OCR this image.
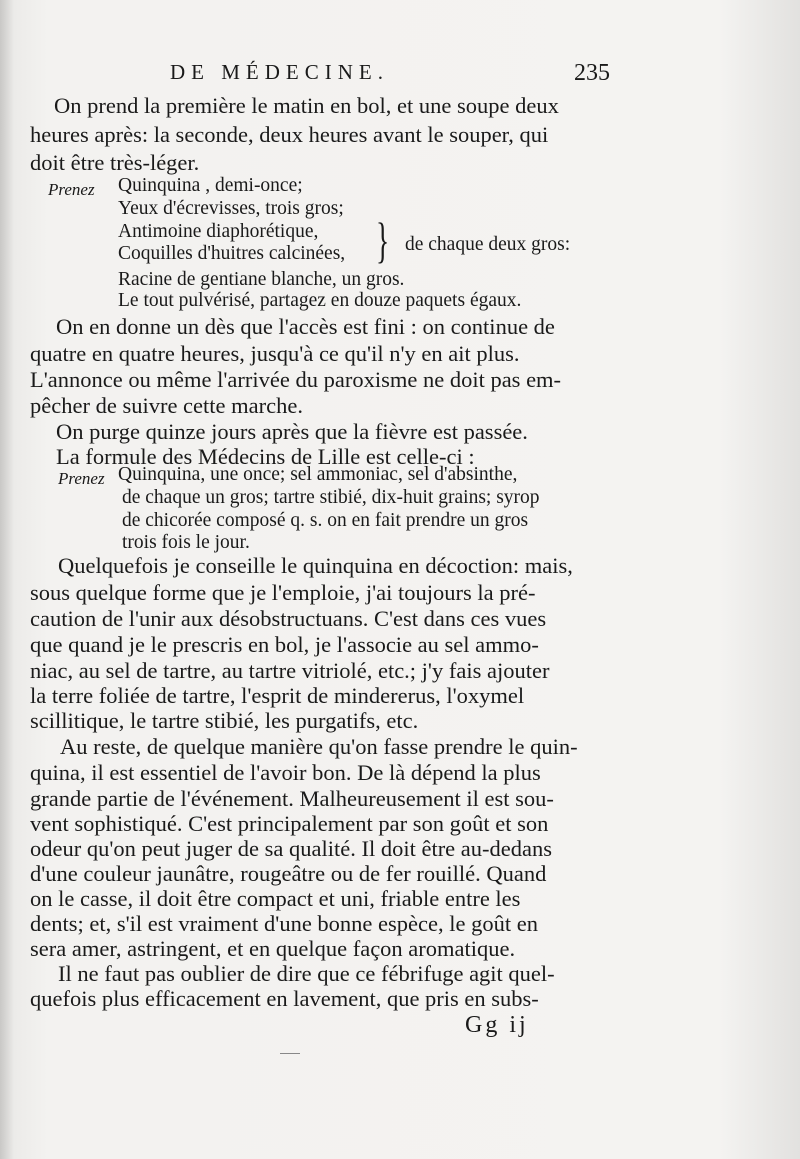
DE MÉDECINE.	235
On prend la première le matin en bol, et une soupe deux
heures après: la seconde, deux heures avant le souper, qui
doit être très-léger.
Prenez Quinquina , demi-once;
Yeux d'écrevisses, trois gros;
Antimoine diaphorétique,
Coquilles d'huitres calcinées, } de chaque deux gros:
Racine de gentiane blanche, un gros.
Le tout pulvérisé, partagez en douze paquets égaux.
On en donne un dès que l'accès est fini : on continue de
quatre en quatre heures, jusqu'à ce qu'il n'y en ait plus.
L'annonce ou même l'arrivée du paroxisme ne doit pas em-
pêcher de suivre cette marche.
On purge quinze jours après que la fièvre est passée.
La formule des Médecins de Lille est celle-ci :
Prenez Quinquina, une once; sel ammoniac, sel d'absinthe,
de chaque un gros; tartre stibié, dix-huit grains; syrop
de chicorée composé q. s. on en fait prendre un gros
trois fois le jour.
Quelquefois je conseille le quinquina en décoction: mais,
sous quelque forme que je l'emploie, j'ai toujours la pré-
caution de l'unir aux désobstructuans. C'est dans ces vues
que quand je le prescris en bol, je l'associe au sel ammo-
niac, au sel de tartre, au tartre vitriolé, etc.; j'y fais ajouter
la terre foliée de tartre, l'esprit de mindererus, l'oxymel
scillitique, le tartre stibié, les purgatifs, etc.
Au reste, de quelque manière qu'on fasse prendre le quin-
quina, il est essentiel de l'avoir bon. De là dépend la plus
grande partie de l'événement. Malheureusement il est sou-
vent sophistiqué. C'est principalement par son goût et son
odeur qu'on peut juger de sa qualité. Il doit être au-dedans
d'une couleur jaunâtre, rougeâtre ou de fer rouillé. Quand
on le casse, il doit être compact et uni, friable entre les
dents; et, s'il est vraiment d'une bonne espèce, le goût en
sera amer, astringent, et en quelque façon aromatique.
Il ne faut pas oublier de dire que ce fébrifuge agit quel-
quefois plus efficacement en lavement, que pris en subs-
Gg ij
